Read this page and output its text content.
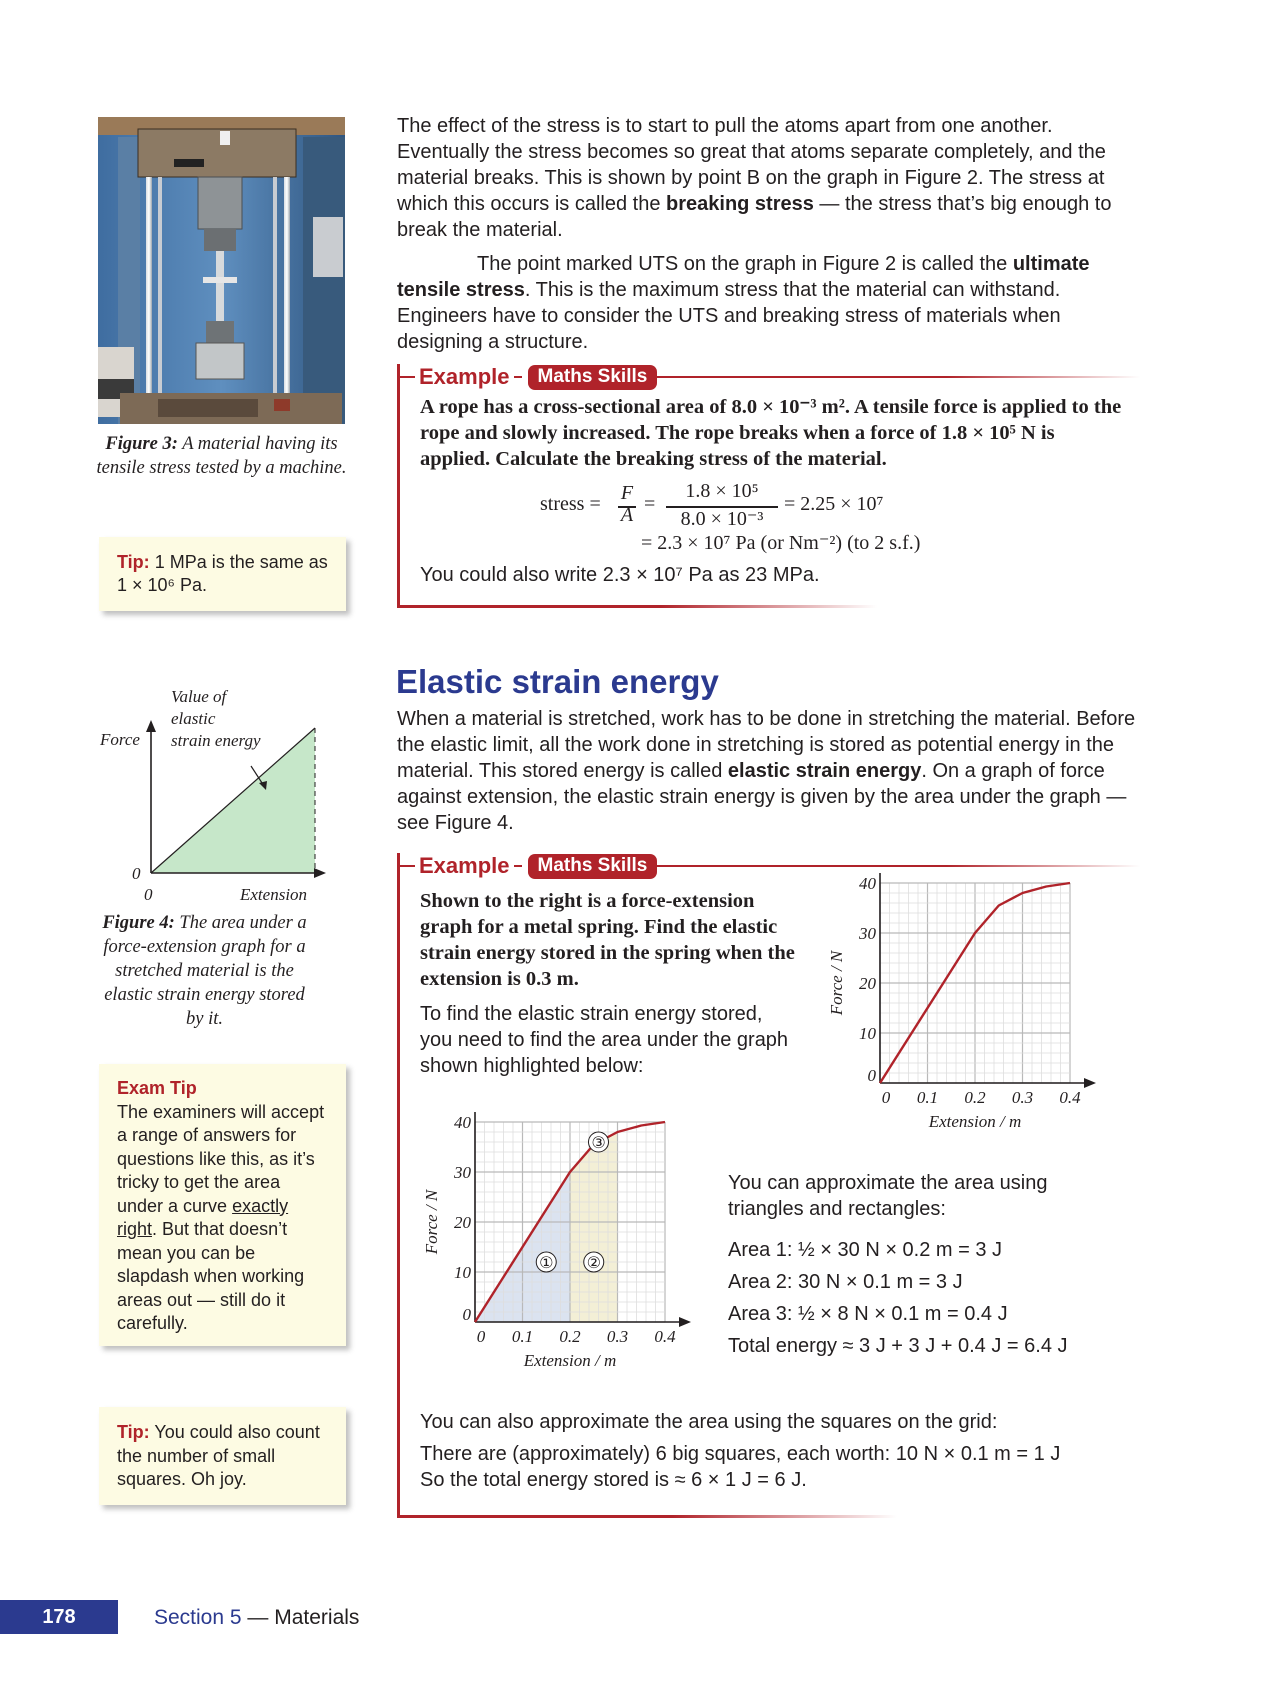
Figure 3: A material having its tensile stress tested by a machine.
Tip: 1 MPa is the same as 1 × 10⁶ Pa.
Force
Value of
elastic
strain energy
0
0	Extension
Figure 4: The area under a force-extension graph for a stretched material is the elastic strain energy stored by it.
Exam Tip
The examiners will accept a range of answers for questions like this, as it’s tricky to get the area under a curve exactly right. But that doesn’t mean you can be slapdash when working areas out — still do it carefully.
Tip: You could also count the number of small squares. Oh joy.

The effect of the stress is to start to pull the atoms apart from one another. Eventually the stress becomes so great that atoms separate completely, and the material breaks. This is shown by point B on the graph in Figure 2. The stress at which this occurs is called the breaking stress — the stress that’s big enough to break the material.

The point marked UTS on the graph in Figure 2 is called the ultimate tensile stress. This is the maximum stress that the material can withstand. Engineers have to consider the UTS and breaking stress of materials when designing a structure.

Example	Maths Skills

A rope has a cross-sectional area of 8.0 × 10⁻³ m². A tensile force is applied to the rope and slowly increased. The rope breaks when a force of 1.8 × 10⁵ N is applied. Calculate the breaking stress of the material.

stress = F
A =
1.8 × 10⁵
8.0 × 10⁻³
= 2.25 × 10⁷
= 2.3 × 10⁷ Pa (or Nm⁻²) (to 2 s.f.)

You could also write 2.3 × 10⁷ Pa as 23 MPa.

Elastic strain energy

When a material is stretched, work has to be done in stretching the material. Before the elastic limit, all the work done in stretching is stored as potential energy in the material. This stored energy is called elastic strain energy. On a graph of force against extension, the elastic strain energy is given by the area under the graph — see Figure 4.

Example	Maths Skills

Shown to the right is a force-extension graph for a metal spring. Find the elastic strain energy stored in the spring when the extension is 0.3 m.

To find the elastic strain energy stored, you need to find the area under the graph shown highlighted below:

You can approximate the area using triangles and rectangles:

Area 1: ½ × 30 N × 0.2 m = 3 J

Area 2: 30 N × 0.1 m = 3 J

Area 3: ½ × 8 N × 0.1 m = 0.4 J

Total energy ≈ 3 J + 3 J + 0.4 J = 6.4 J

You can also approximate the area using the squares on the grid:

There are (approximately) 6 big squares, each worth: 10 N × 0.1 m = 1 J

So the total energy stored is ≈ 6 × 1 J = 6 J.

0 0.1 0.2 0.3 0.4
0
10
20
30
40
Extension / m
Force / N
0 0.1 0.2 0.3 0.4
0
10
20
30
40
Extension / m
Force / N
① ②
③
178	Section 5 — Materials
